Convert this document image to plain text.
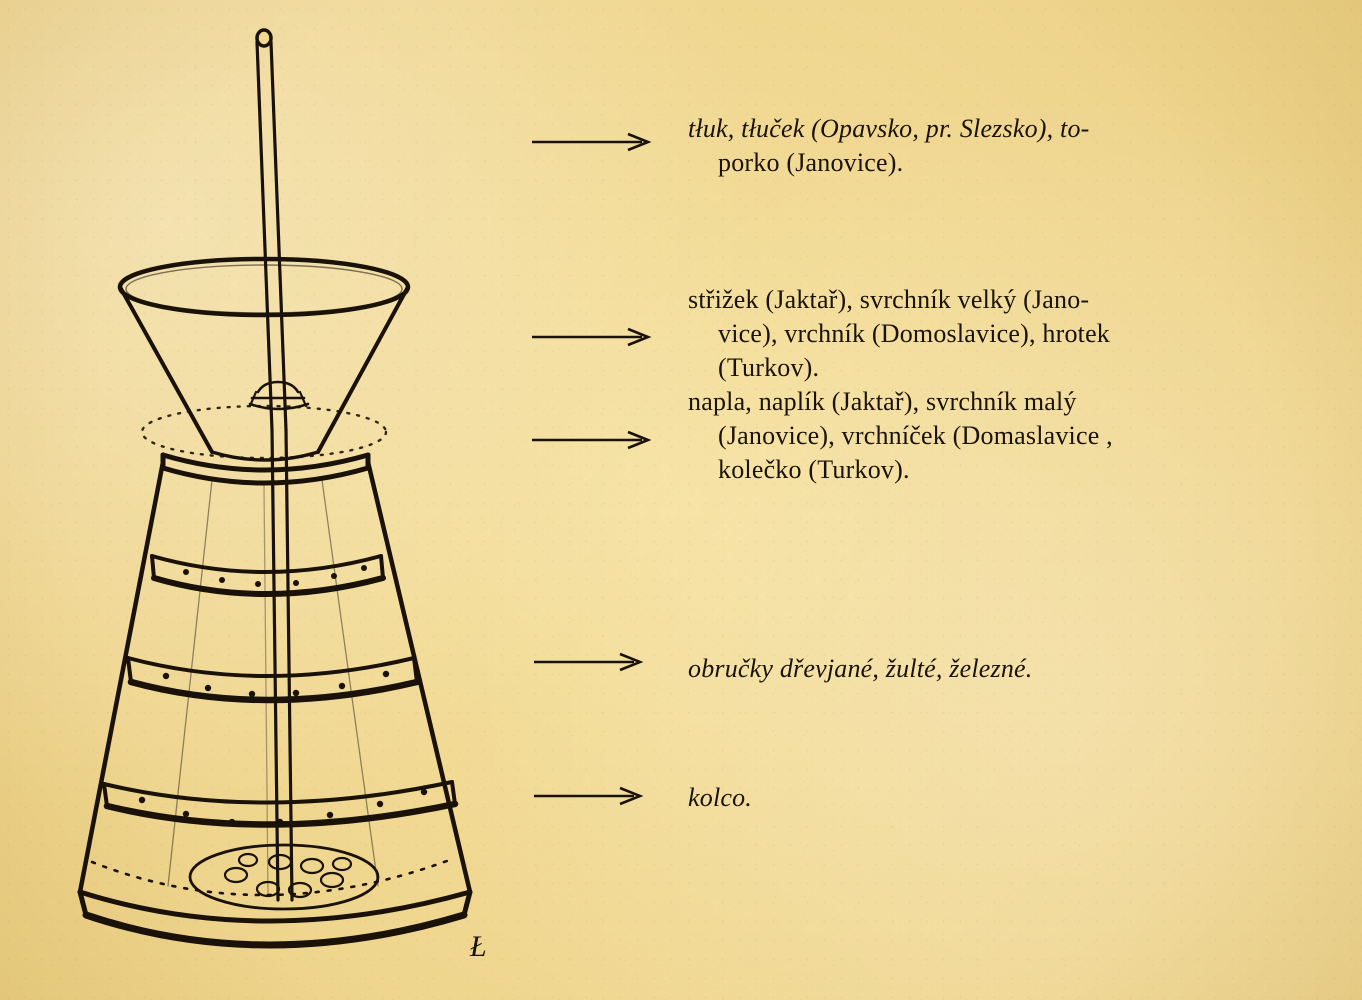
Ł
tłuk, tłuček (Opavsko, pr. Slezsko), to-
porko (Janovice).
střižek (Jaktař), svrchník velký (Jano-
vice), vrchník (Domoslavice), hrotek
(Turkov).
napla, naplík (Jaktař), svrchník malý
(Janovice), vrchníček (Domaslavice ,
kolečko (Turkov).
obručky dřevjané, žulté, železné.
kolco.
